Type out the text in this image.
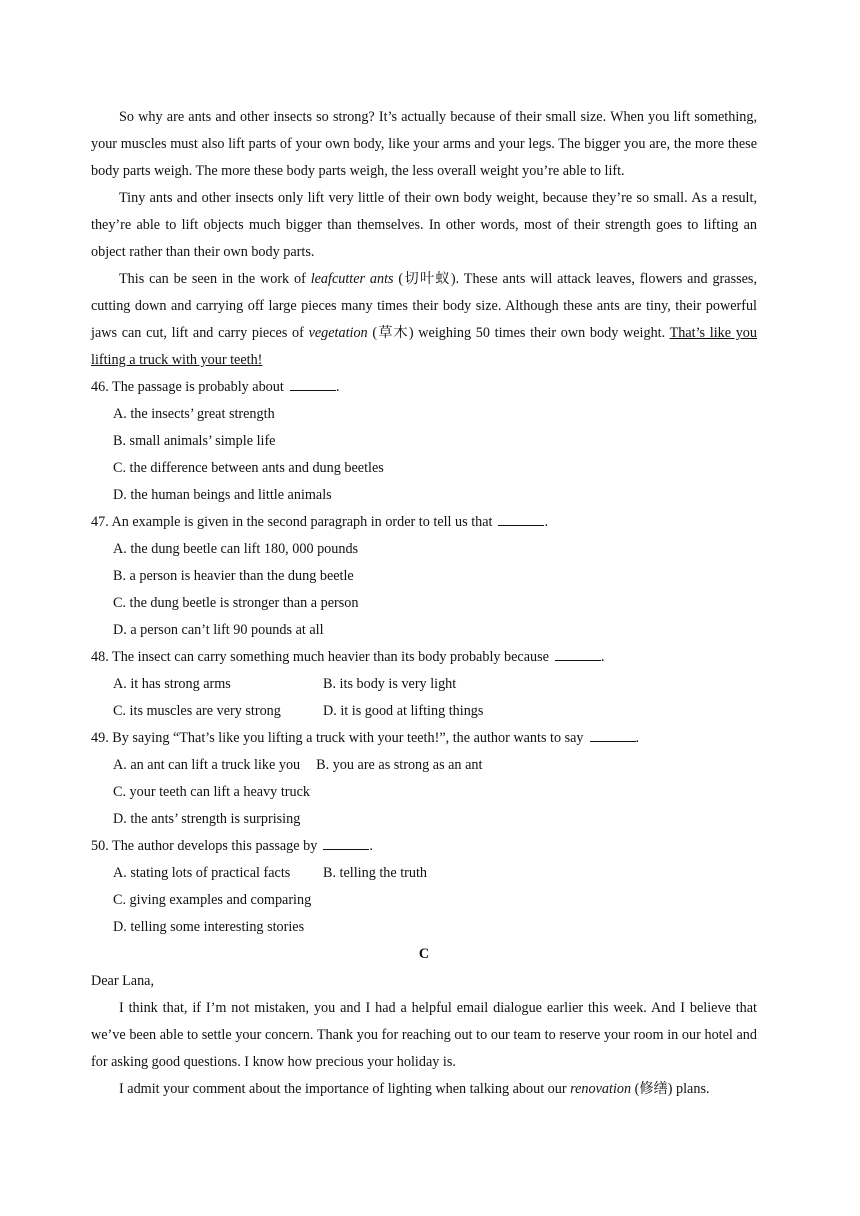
So why are ants and other insects so strong? It’s actually because of their small size. When you lift something, your muscles must also lift parts of your own body, like your arms and your legs. The bigger you are, the more these body parts weigh. The more these body parts weigh, the less overall weight you’re able to lift.

Tiny ants and other insects only lift very little of their own body weight, because they’re so small. As a result, they’re able to lift objects much bigger than themselves. In other words, most of their strength goes to lifting an object rather than their own body parts.

This can be seen in the work of leafcutter ants (切叶蚁). These ants will attack leaves, flowers and grasses, cutting down and carrying off large pieces many times their body size. Although these ants are tiny, their powerful jaws can cut, lift and carry pieces of vegetation (草木) weighing 50 times their own body weight. That’s like you lifting a truck with your teeth!

46. The passage is probably about	.

A. the insects’ great strength

B. small animals’ simple life

C. the difference between ants and dung beetles

D. the human beings and little animals

47. An example is given in the second paragraph in order to tell us that	.

A. the dung beetle can lift 180, 000 pounds

B. a person is heavier than the dung beetle

C. the dung beetle is stronger than a person

D. a person can’t lift 90 pounds at all

48. The insect can carry something much heavier than its body probably because	.

A. it has strong arms	B. its body is very light
C. its muscles are very strong	D. it is good at lifting things

49. By saying “That’s like you lifting a truck with your teeth!”, the author wants to say	.

A. an ant can lift a truck like you B. you are as strong as an ant

C. your teeth can lift a heavy truck

D. the ants’ strength is surprising

50. The author develops this passage by	.

A. stating lots of practical facts	B. telling the truth

C. giving examples and comparing

D. telling some interesting stories

C

Dear Lana,

I think that, if I’m not mistaken, you and I had a helpful email dialogue earlier this week. And I believe that we’ve been able to settle your concern. Thank you for reaching out to our team to reserve your room in our hotel and for asking good questions. I know how precious your holiday is.

I admit your comment about the importance of lighting when talking about our renovation (修缮) plans.
